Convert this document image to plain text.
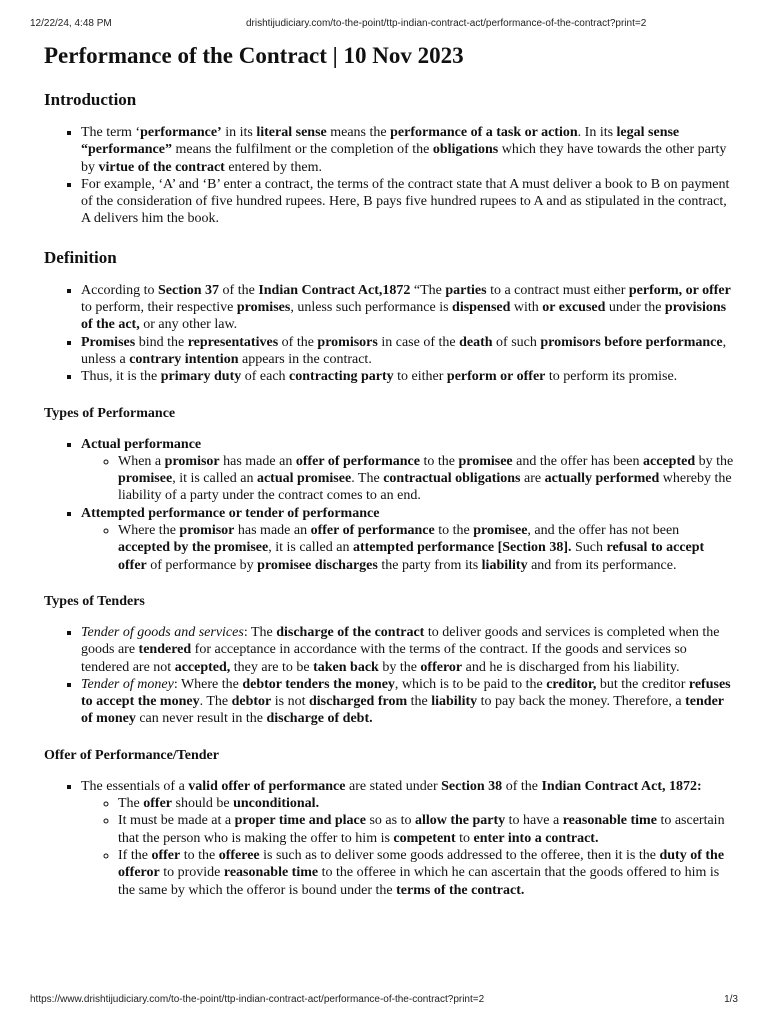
12/22/24, 4:48 PM	drishtijudiciary.com/to-the-point/ttp-indian-contract-act/performance-of-the-contract?print=2
Performance of the Contract | 10 Nov 2023
Introduction
▪ The term ‘performance’ in its literal sense means the performance of a task or action. In its legal sense “performance” means the fulfilment or the completion of the obligations which they have towards the other party by virtue of the contract entered by them.
▪ For example, ‘A’ and ‘B’ enter a contract, the terms of the contract state that A must deliver a book to B on payment of the consideration of five hundred rupees. Here, B pays five hundred rupees to A and as stipulated in the contract, A delivers him the book.
Definition
▪ According to Section 37 of the Indian Contract Act,1872 “The parties to a contract must either perform, or offer to perform, their respective promises, unless such performance is dispensed with or excused under the provisions of the act, or any other law.
▪ Promises bind the representatives of the promisors in case of the death of such promisors before performance, unless a contrary intention appears in the contract.
▪ Thus, it is the primary duty of each contracting party to either perform or offer to perform its promise.
Types of Performance
▪ Actual performance
◦ When a promisor has made an offer of performance to the promisee and the offer has been accepted by the promisee, it is called an actual promisee. The contractual obligations are actually performed whereby the liability of a party under the contract comes to an end.
▪ Attempted performance or tender of performance
◦ Where the promisor has made an offer of performance to the promisee, and the offer has not been accepted by the promisee, it is called an attempted performance [Section 38]. Such refusal to accept offer of performance by promisee discharges the party from its liability and from its performance.
Types of Tenders
▪ Tender of goods and services: The discharge of the contract to deliver goods and services is completed when the goods are tendered for acceptance in accordance with the terms of the contract. If the goods and services so tendered are not accepted, they are to be taken back by the offeror and he is discharged from his liability.
▪ Tender of money: Where the debtor tenders the money, which is to be paid to the creditor, but the creditor refuses to accept the money. The debtor is not discharged from the liability to pay back the money. Therefore, a tender of money can never result in the discharge of debt.
Offer of Performance/Tender
▪ The essentials of a valid offer of performance are stated under Section 38 of the Indian Contract Act, 1872:
◦ The offer should be unconditional.
◦ It must be made at a proper time and place so as to allow the party to have a reasonable time to ascertain that the person who is making the offer to him is competent to enter into a contract.
◦ If the offer to the offeree is such as to deliver some goods addressed to the offeree, then it is the duty of the offeror to provide reasonable time to the offeree in which he can ascertain that the goods offered to him is the same by which the offeror is bound under the terms of the contract.
https://www.drishtijudiciary.com/to-the-point/ttp-indian-contract-act/performance-of-the-contract?print=2	1/3
